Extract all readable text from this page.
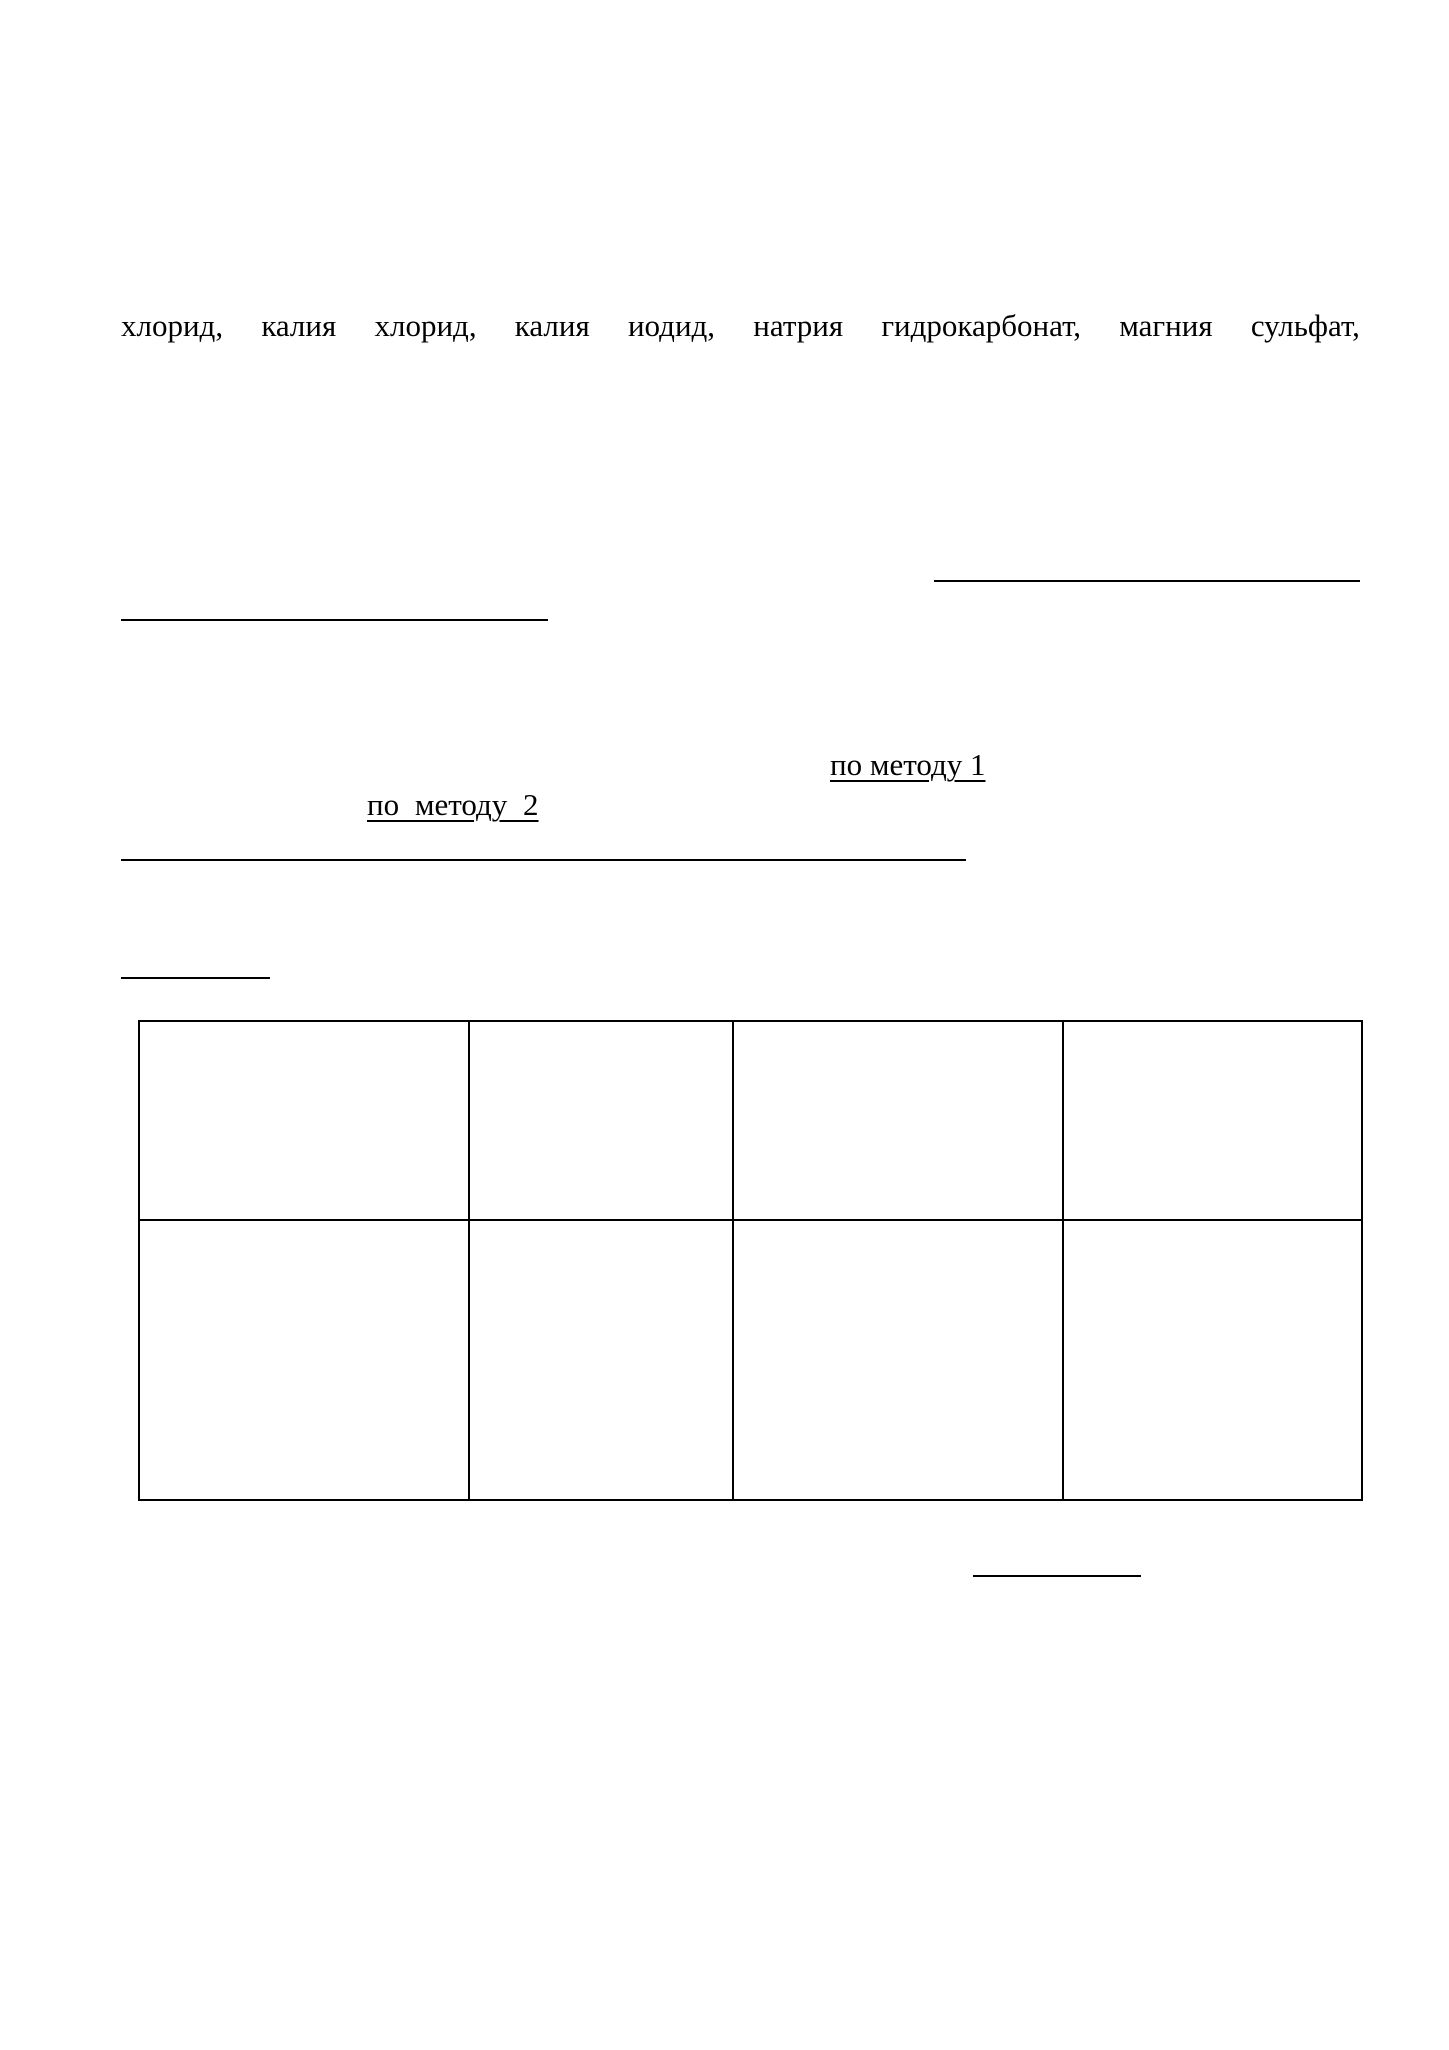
хлорид, калия хлорид, калия иодид, натрия гидрокарбонат, магния сульфат,
по методу 1
по методу 2
